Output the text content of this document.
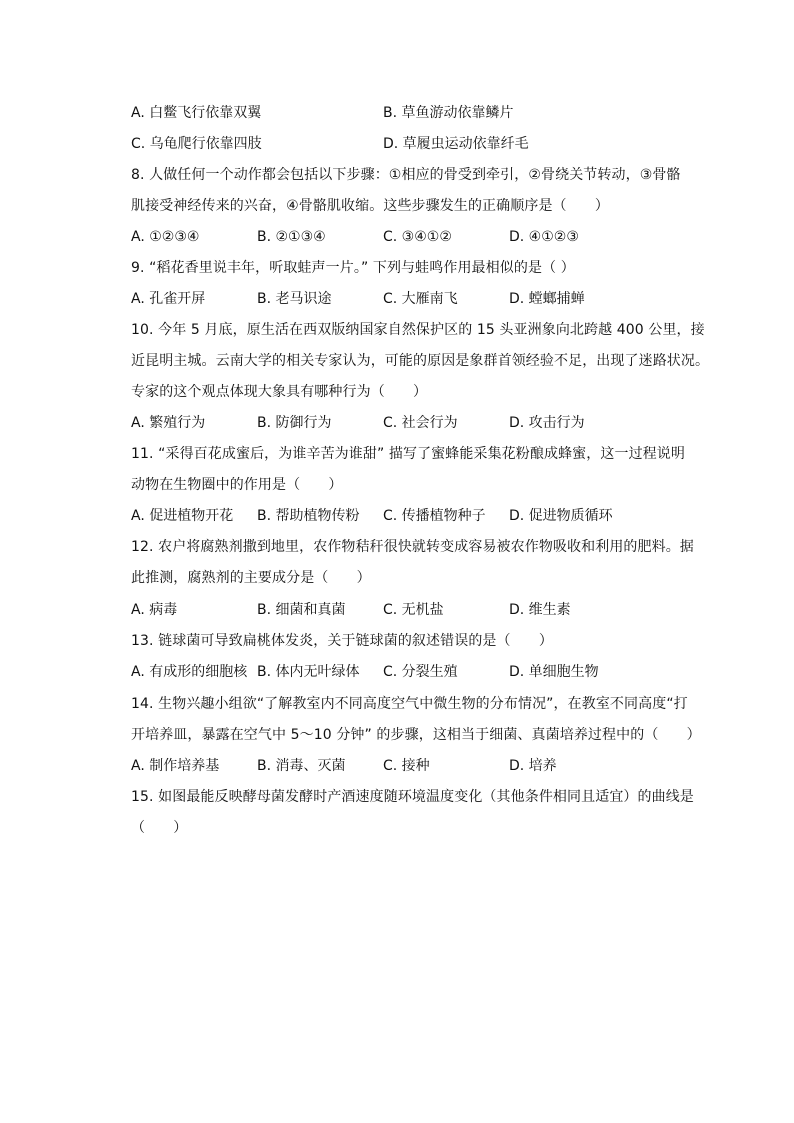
A. 白鳖飞行依靠双翼	B. 草鱼游动依靠鳞片
C. 乌龟爬行依靠四肢	D. 草履虫运动依靠纤毛
8. 人做任何一个动作都会包括以下步骤：①相应的骨受到牵引，②骨绕关节转动，③骨骼
肌接受神经传来的兴奋，④骨骼肌收缩。这些步骤发生的正确顺序是（　　）
A. ①②③④	B. ②①③④	C. ③④①②	D. ④①②③
9. “稻花香里说丰年，听取蛙声一片。” 下列与蛙鸣作用最相似的是（ ）
A. 孔雀开屏	B. 老马识途	C. 大雁南飞	D. 螳螂捕蝉
10. 今年 5 月底，原生活在西双版纳国家自然保护区的 15 头亚洲象向北跨越 400 公里，接
近昆明主城。云南大学的相关专家认为，可能的原因是象群首领经验不足，出现了迷路状况。
专家的这个观点体现大象具有哪种行为（　　）
A. 繁殖行为	B. 防御行为	C. 社会行为	D. 攻击行为
11. “采得百花成蜜后，为谁辛苦为谁甜” 描写了蜜蜂能采集花粉酿成蜂蜜，这一过程说明
动物在生物圈中的作用是（　　）
A. 促进植物开花 B. 帮助植物传粉 C. 传播植物种子 D. 促进物质循环
12. 农户将腐熟剂撒到地里，农作物秸秆很快就转变成容易被农作物吸收和利用的肥料。据
此推测，腐熟剂的主要成分是（　　）
A. 病毒	B. 细菌和真菌	C. 无机盐	D. 维生素
13. 链球菌可导致扁桃体发炎，关于链球菌的叙述错误的是（　　）
A. 有成形的细胞核 B. 体内无叶绿体 C. 分裂生殖	D. 单细胞生物
14. 生物兴趣小组欲“了解教室内不同高度空气中微生物的分布情况”，在教室不同高度“打
开培养皿，暴露在空气中 5～10 分钟” 的步骤，这相当于细菌、真菌培养过程中的（　　）
A. 制作培养基	B. 消毒、灭菌	C. 接种	D. 培养
15. 如图最能反映酵母菌发酵时产酒速度随环境温度变化（其他条件相同且适宜）的曲线是
（　　）
